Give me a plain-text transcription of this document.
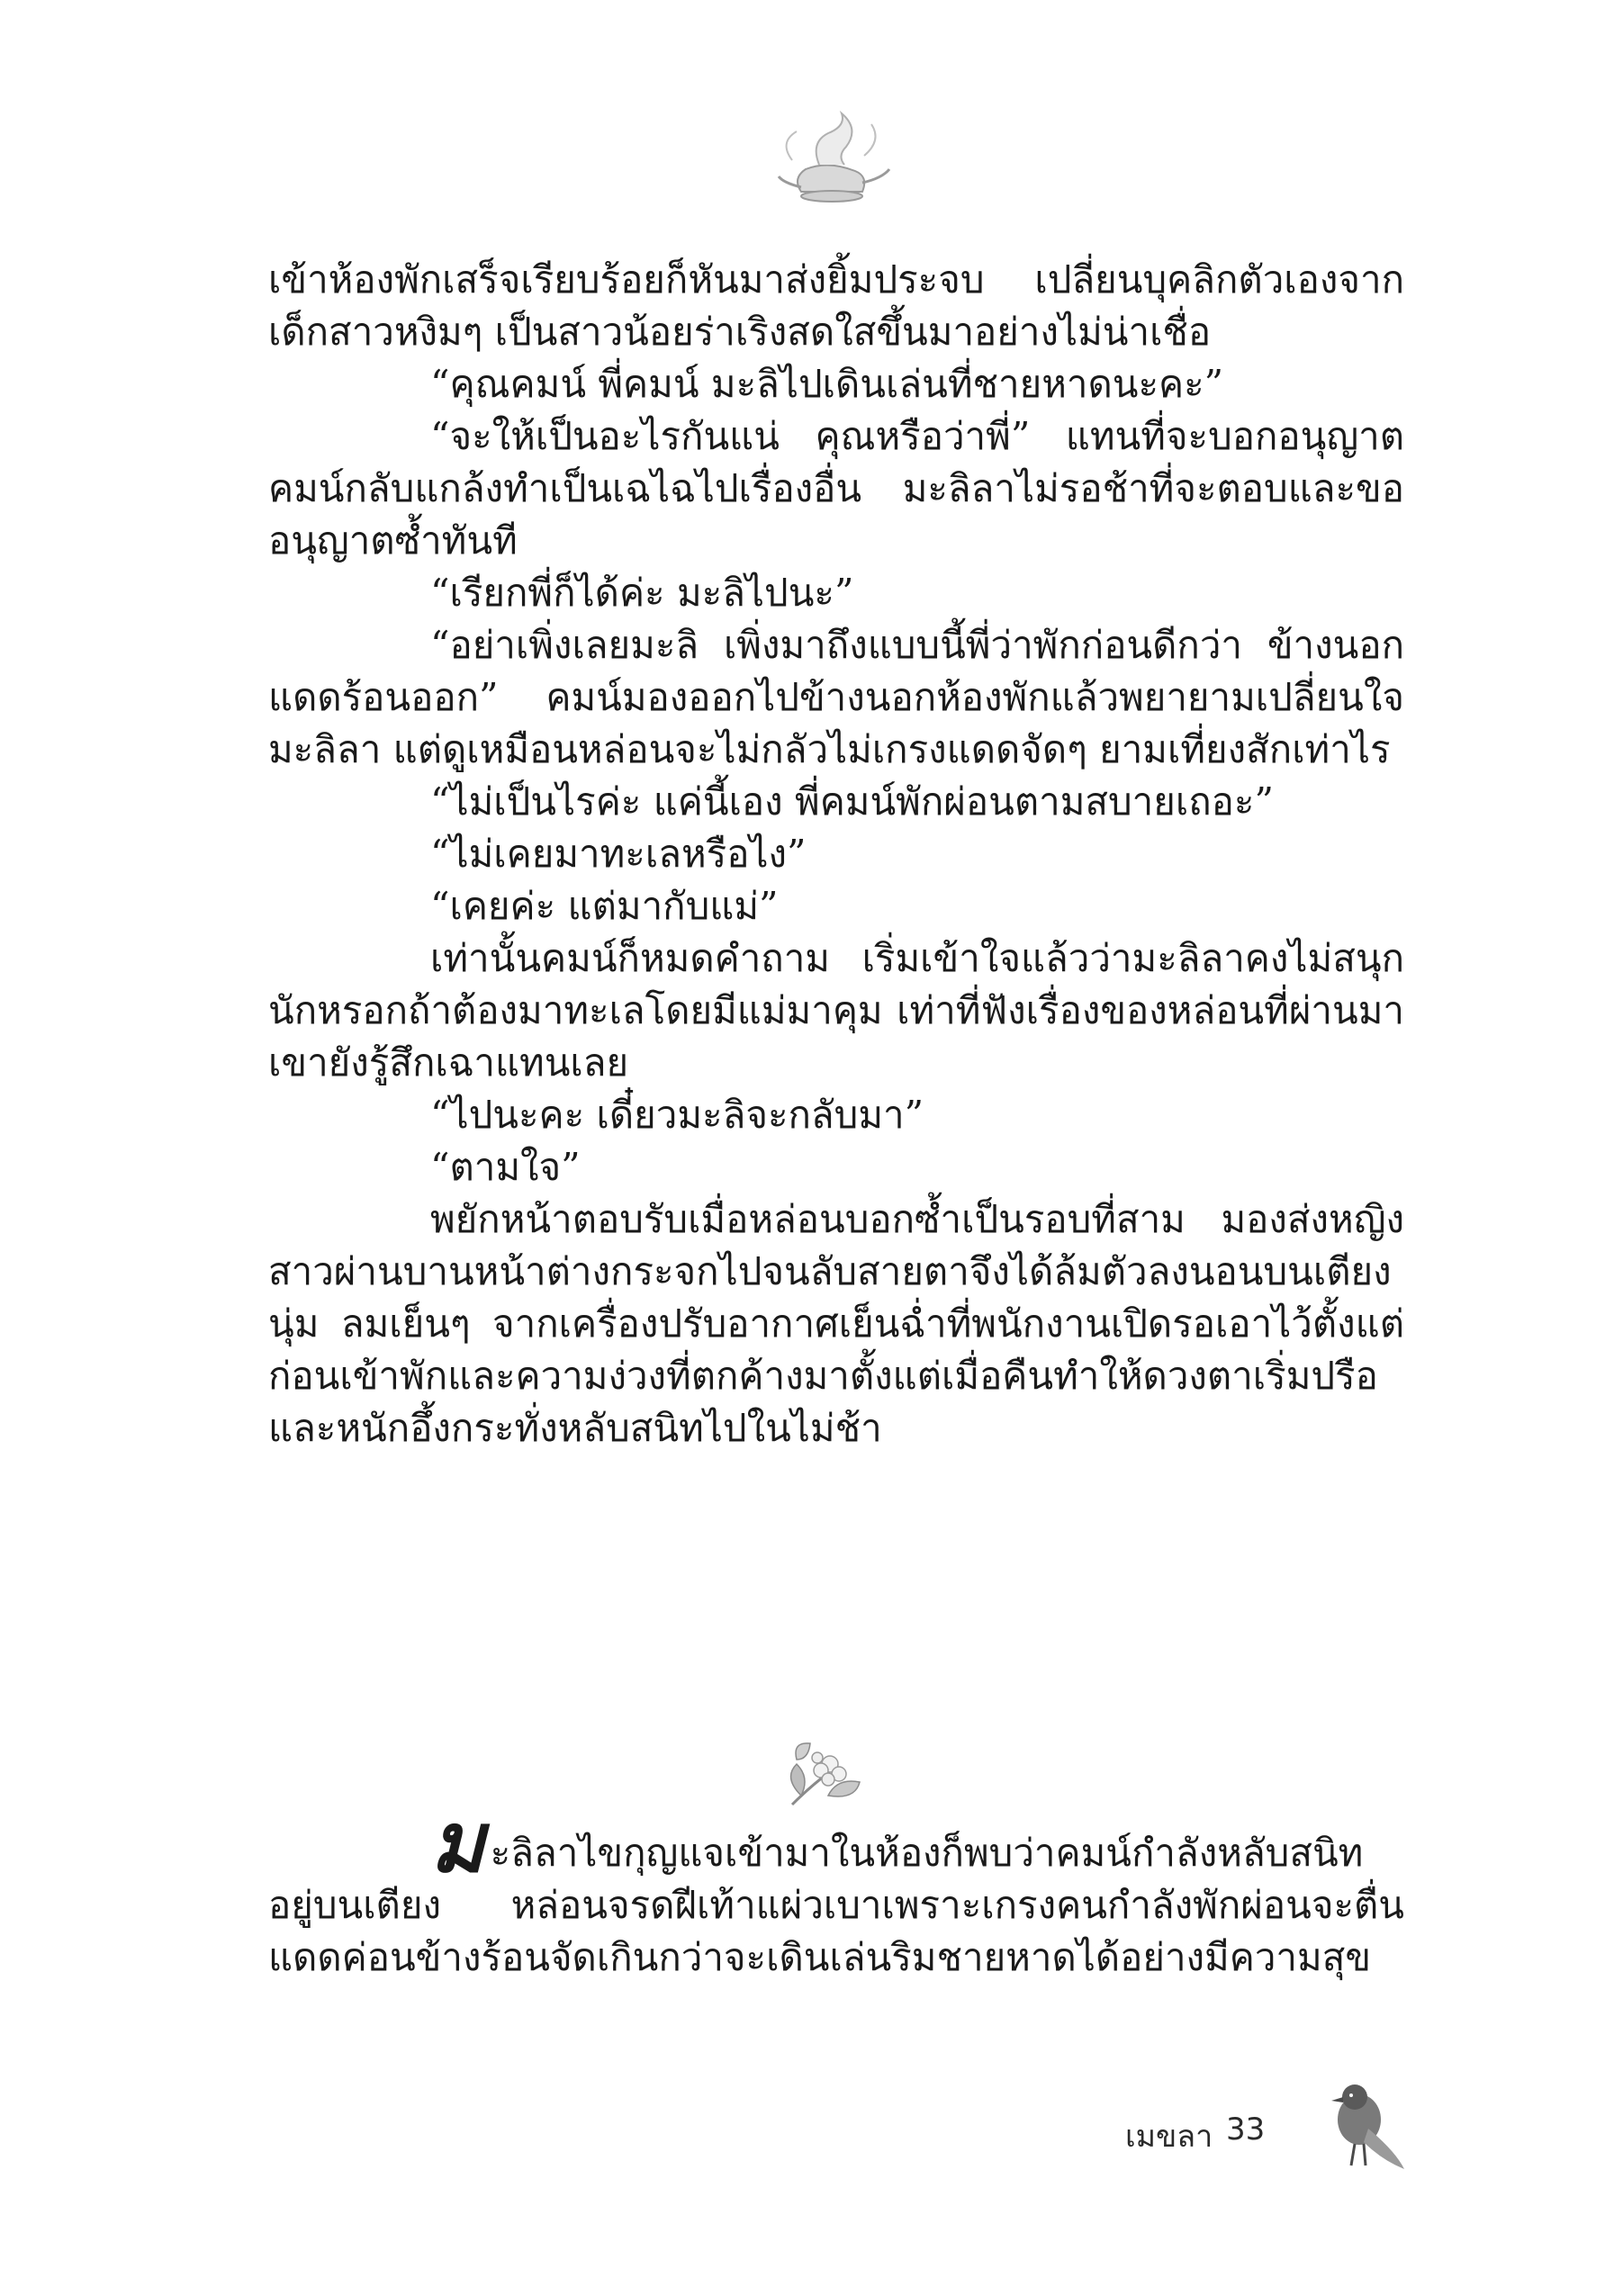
เข้าห้องพักเสร็จเรียบร้อยก็หันมาส่งยิ้มประจบ เปลี่ยนบุคลิกตัวเองจากเด็กสาวหงิมๆ เป็นสาวน้อยร่าเริงสดใสขึ้นมาอย่างไม่น่าเชื่อ

“คุณคมน์ พี่คมน์ มะลิไปเดินเล่นที่ชายหาดนะคะ”

“จะให้เป็นอะไรกันแน่ คุณหรือว่าพี่” แทนที่จะบอกอนุญาต คมน์กลับแกล้งทำเป็นเฉไฉไปเรื่องอื่น มะลิลาไม่รอช้าที่จะตอบและขออนุญาตซ้ำทันที

“เรียกพี่ก็ได้ค่ะ มะลิไปนะ”

“อย่าเพิ่งเลยมะลิ เพิ่งมาถึงแบบนี้พี่ว่าพักก่อนดีกว่า ข้างนอกแดดร้อนออก” คมน์มองออกไปข้างนอกห้องพักแล้วพยายามเปลี่ยนใจมะลิลา แต่ดูเหมือนหล่อนจะไม่กลัวไม่เกรงแดดจัดๆ ยามเที่ยงสักเท่าไร

“ไม่เป็นไรค่ะ แค่นี้เอง พี่คมน์พักผ่อนตามสบายเถอะ”

“ไม่เคยมาทะเลหรือไง”

“เคยค่ะ แต่มากับแม่”

เท่านั้นคมน์ก็หมดคำถาม เริ่มเข้าใจแล้วว่ามะลิลาคงไม่สนุกนักหรอกถ้าต้องมาทะเลโดยมีแม่มาคุม เท่าที่ฟังเรื่องของหล่อนที่ผ่านมาเขายังรู้สึกเฉาแทนเลย

“ไปนะคะ เดี๋ยวมะลิจะกลับมา”

“ตามใจ”

พยักหน้าตอบรับเมื่อหล่อนบอกซ้ำเป็นรอบที่สาม มองส่งหญิงสาวผ่านบานหน้าต่างกระจกไปจนลับสายตาจึงได้ล้มตัวลงนอนบนเตียงนุ่ม ลมเย็นๆ จากเครื่องปรับอากาศเย็นฉ่ำที่พนักงานเปิดรอเอาไว้ตั้งแต่ก่อนเข้าพักและความง่วงที่ตกค้างมาตั้งแต่เมื่อคืนทำให้ดวงตาเริ่มปรือและหนักอึ้งกระทั่งหลับสนิทไปในไม่ช้า

มะลิลาไขกุญแจเข้ามาในห้องก็พบว่าคมน์กำลังหลับสนิทอยู่บนเตียง หล่อนจรดฝีเท้าแผ่วเบาเพราะเกรงคนกำลังพักผ่อนจะตื่น แดดค่อนข้างร้อนจัดเกินกว่าจะเดินเล่นริมชายหาดได้อย่างมีความสุข

เมขลา 33
